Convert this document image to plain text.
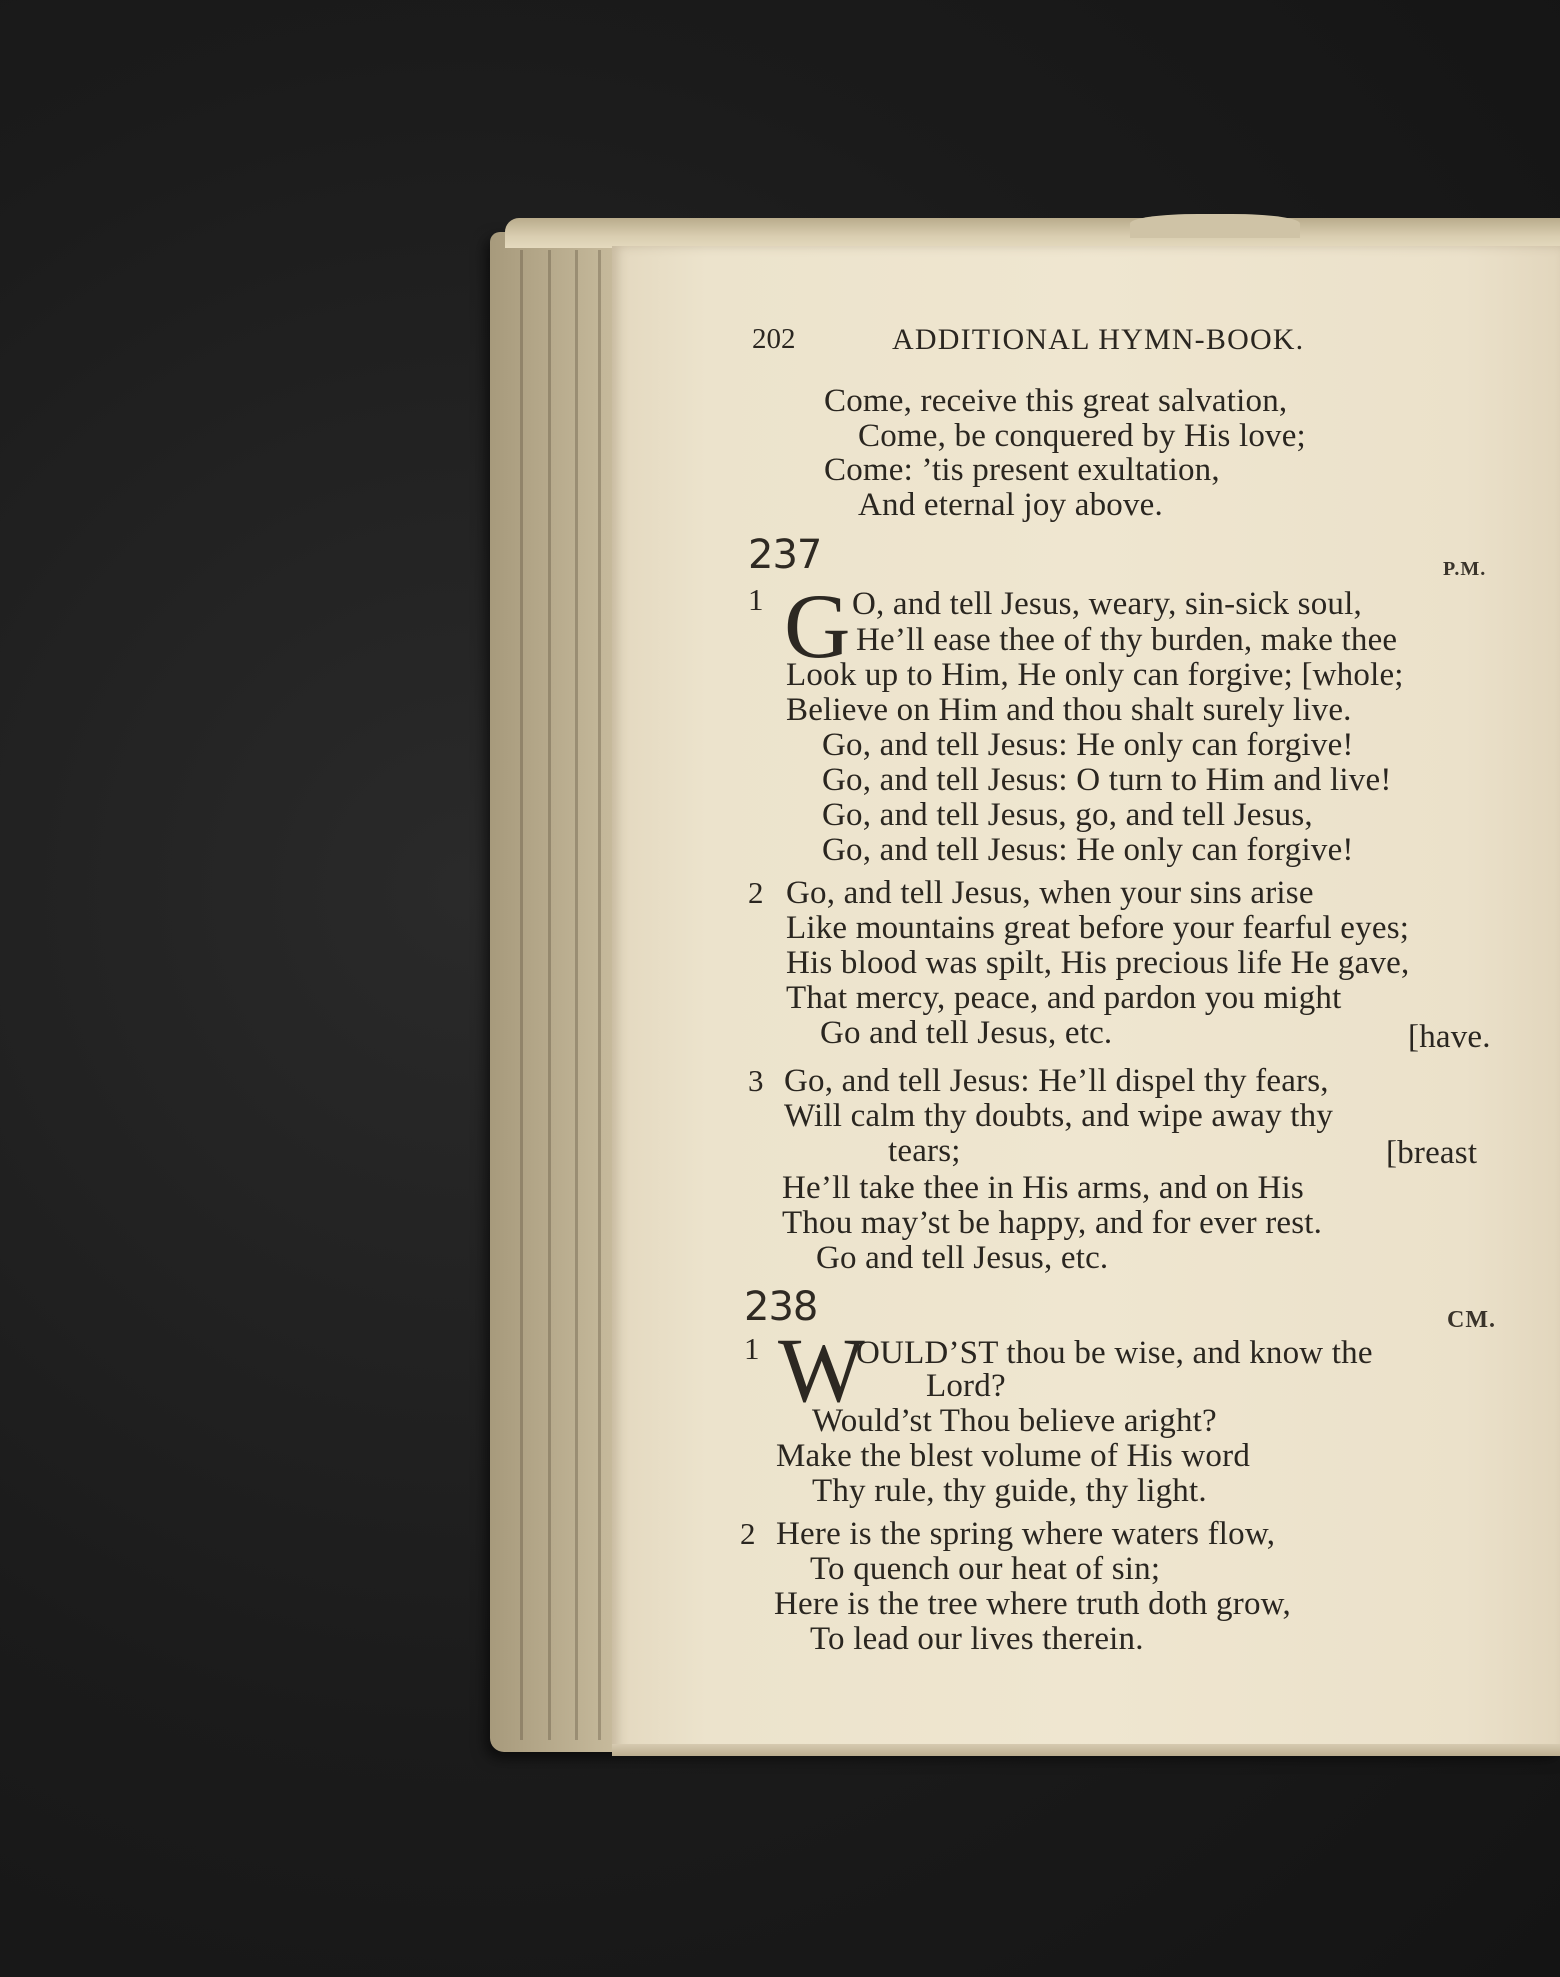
202	ADDITIONAL HYMN-BOOK.
Come, receive this great salvation,
Come, be conquered by His love;
Come: ’tis present exultation,
And eternal joy above.
237	P.M.
1 G O, and tell Jesus, weary, sin-sick soul,
He’ll ease thee of thy burden, make thee
Look up to Him, He only can forgive; [whole;
Believe on Him and thou shalt surely live.
Go, and tell Jesus: He only can forgive!
Go, and tell Jesus: O turn to Him and live!
Go, and tell Jesus, go, and tell Jesus,
Go, and tell Jesus: He only can forgive!
2 Go, and tell Jesus, when your sins arise
Like mountains great before your fearful eyes;
His blood was spilt, His precious life He gave,
That mercy, peace, and pardon you might
Go and tell Jesus, etc.	[have.
3 Go, and tell Jesus: He’ll dispel thy fears,
Will calm thy doubts, and wipe away thy
tears;	[breast
He’ll take thee in His arms, and on His
Thou may’st be happy, and for ever rest.
Go and tell Jesus, etc.
238	CM.
1 W
OULD’ST thou be wise, and know the
Lord?
Would’st Thou believe aright?
Make the blest volume of His word
Thy rule, thy guide, thy light.
2 Here is the spring where waters flow,
To quench our heat of sin;
Here is the tree where truth doth grow,
To lead our lives therein.
